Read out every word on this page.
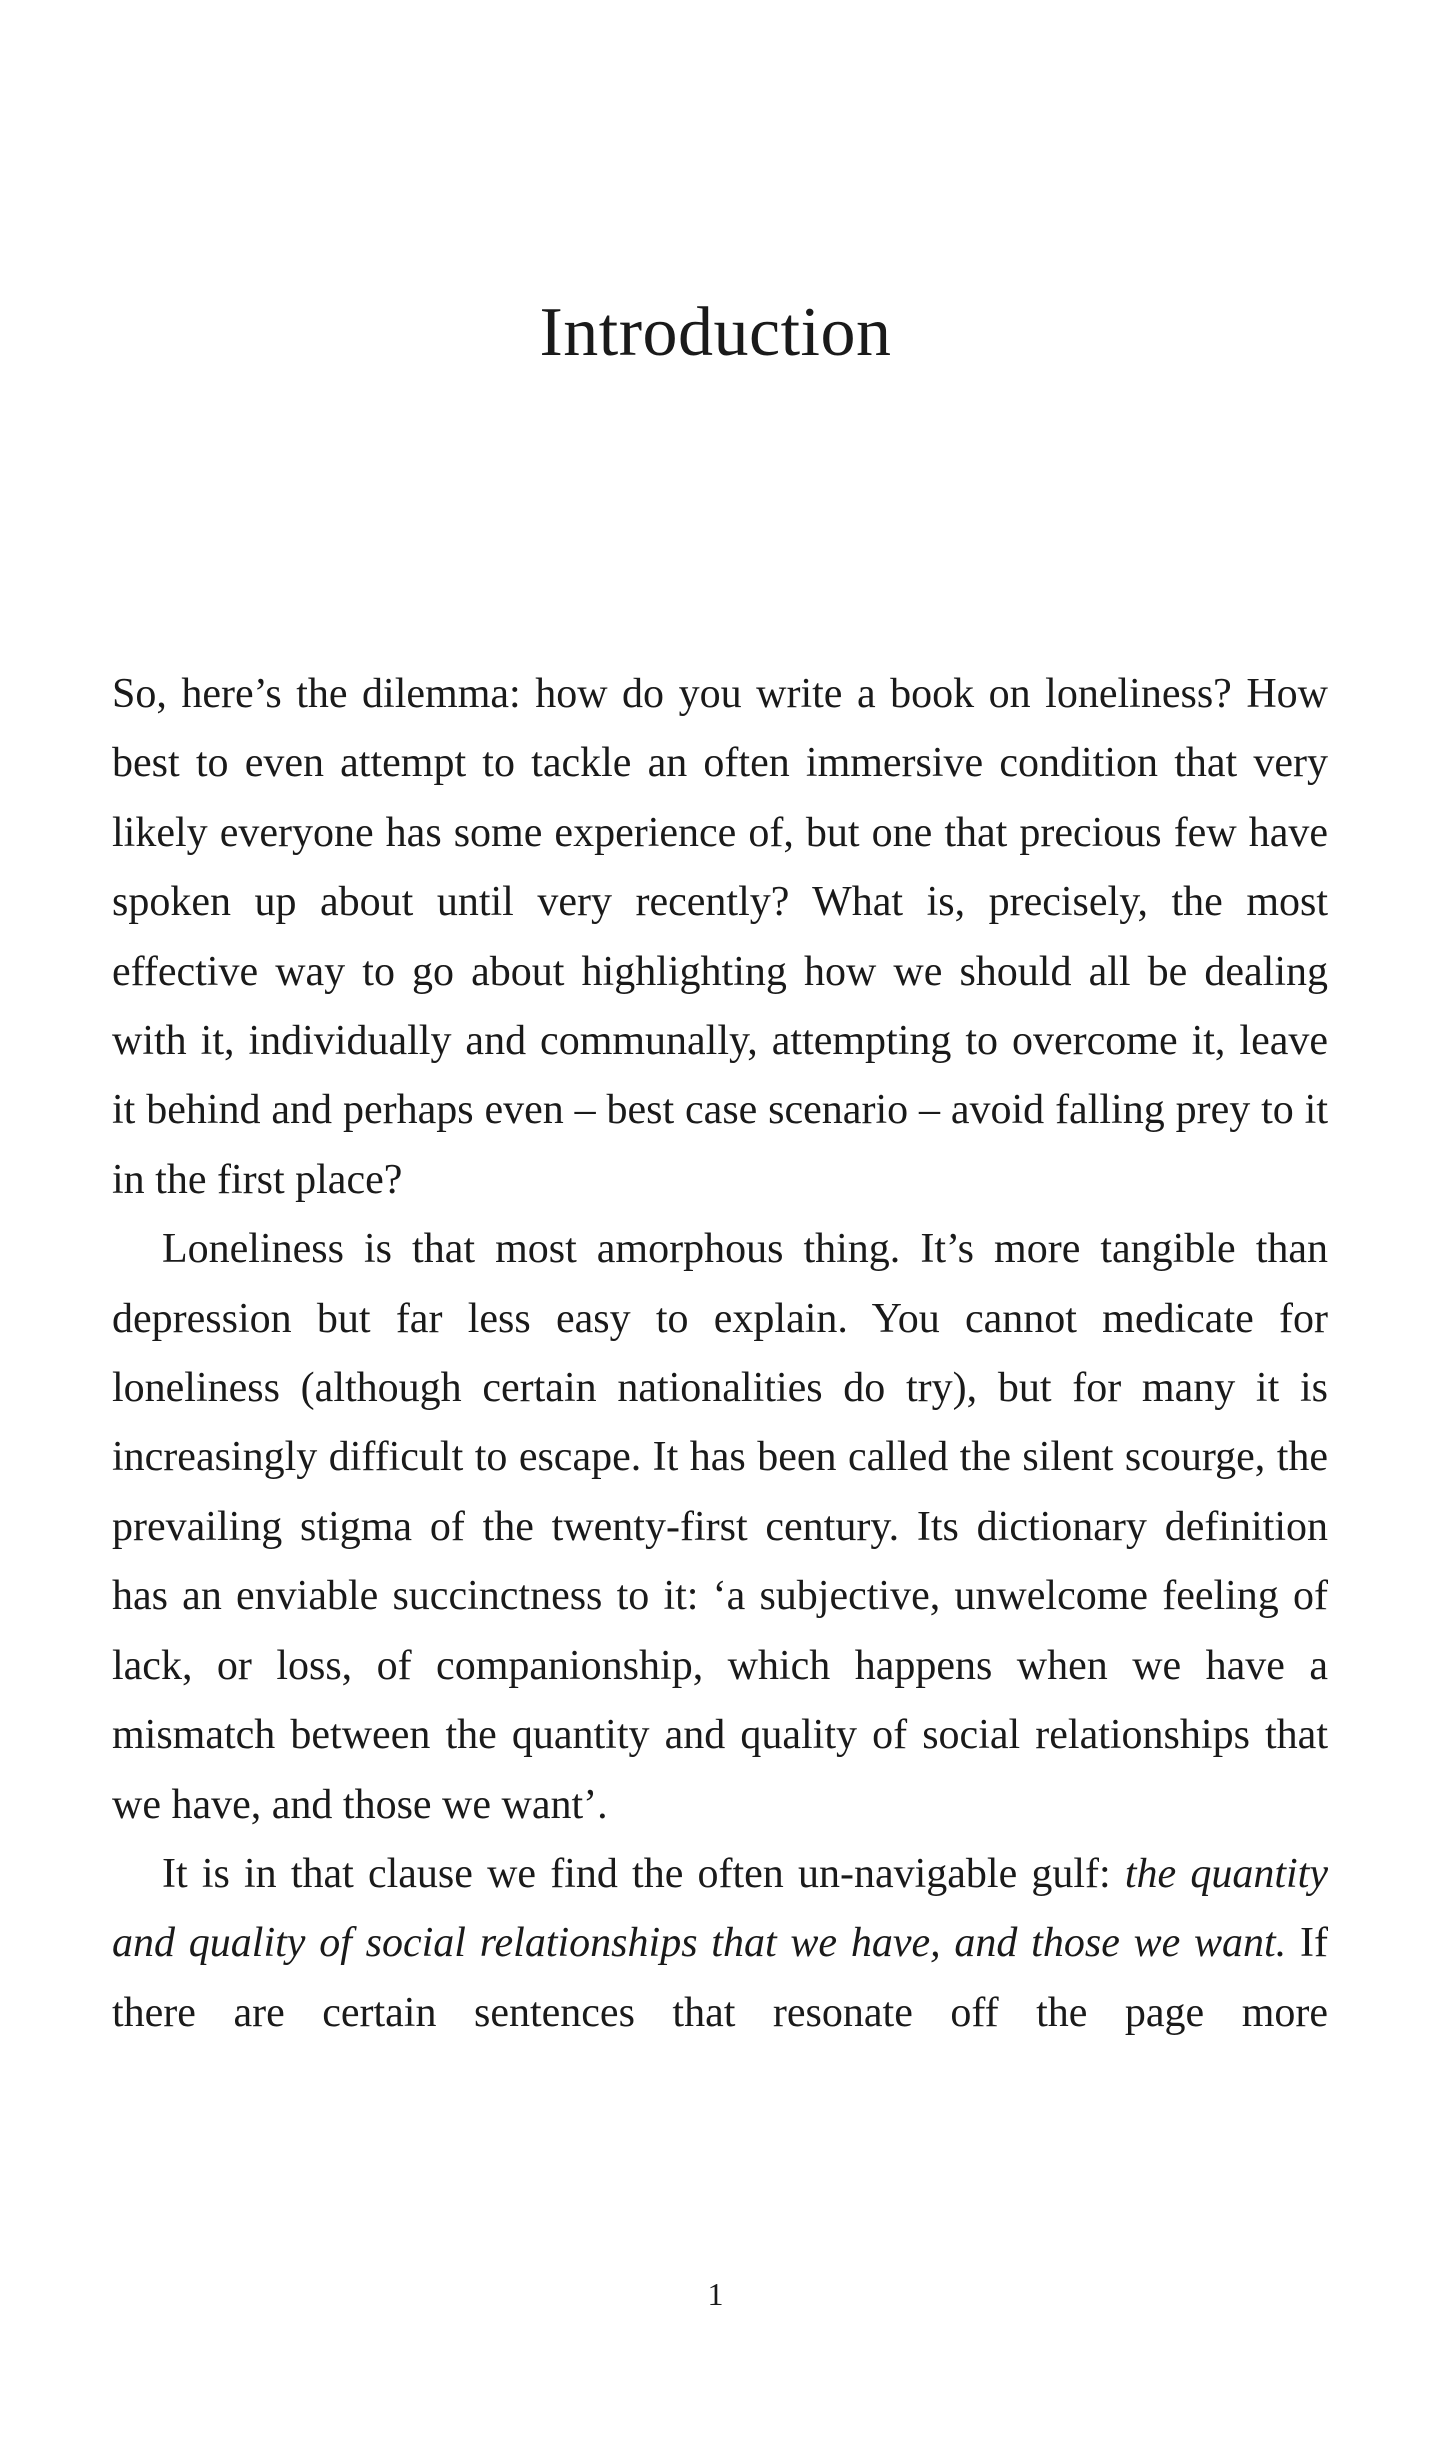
Introduction

So, here’s the dilemma: how do you write a book on loneliness? How best to even attempt to tackle an often immersive condition that very likely everyone has some experience of, but one that precious few have spoken up about until very recently? What is, precisely, the most effective way to go about highlighting how we should all be dealing with it, individually and communally, attempting to overcome it, leave it behind and perhaps even – best case scenario – avoid falling prey to it in the first place?

Loneliness is that most amorphous thing. It’s more tangible than depression but far less easy to explain. You cannot medicate for loneliness (although certain nationalities do try), but for many it is increasingly difficult to escape. It has been called the silent scourge, the prevailing stigma of the twenty-first century. Its dictionary definition has an enviable succinctness to it: ‘a subjective, unwelcome feeling of lack, or loss, of companionship, which happens when we have a mismatch between the quantity and quality of social relationships that we have, and those we want’.

It is in that clause we find the often un-navigable gulf: the quantity and quality of social relationships that we have, and those we want. If there are certain sentences that resonate off the page more

1
